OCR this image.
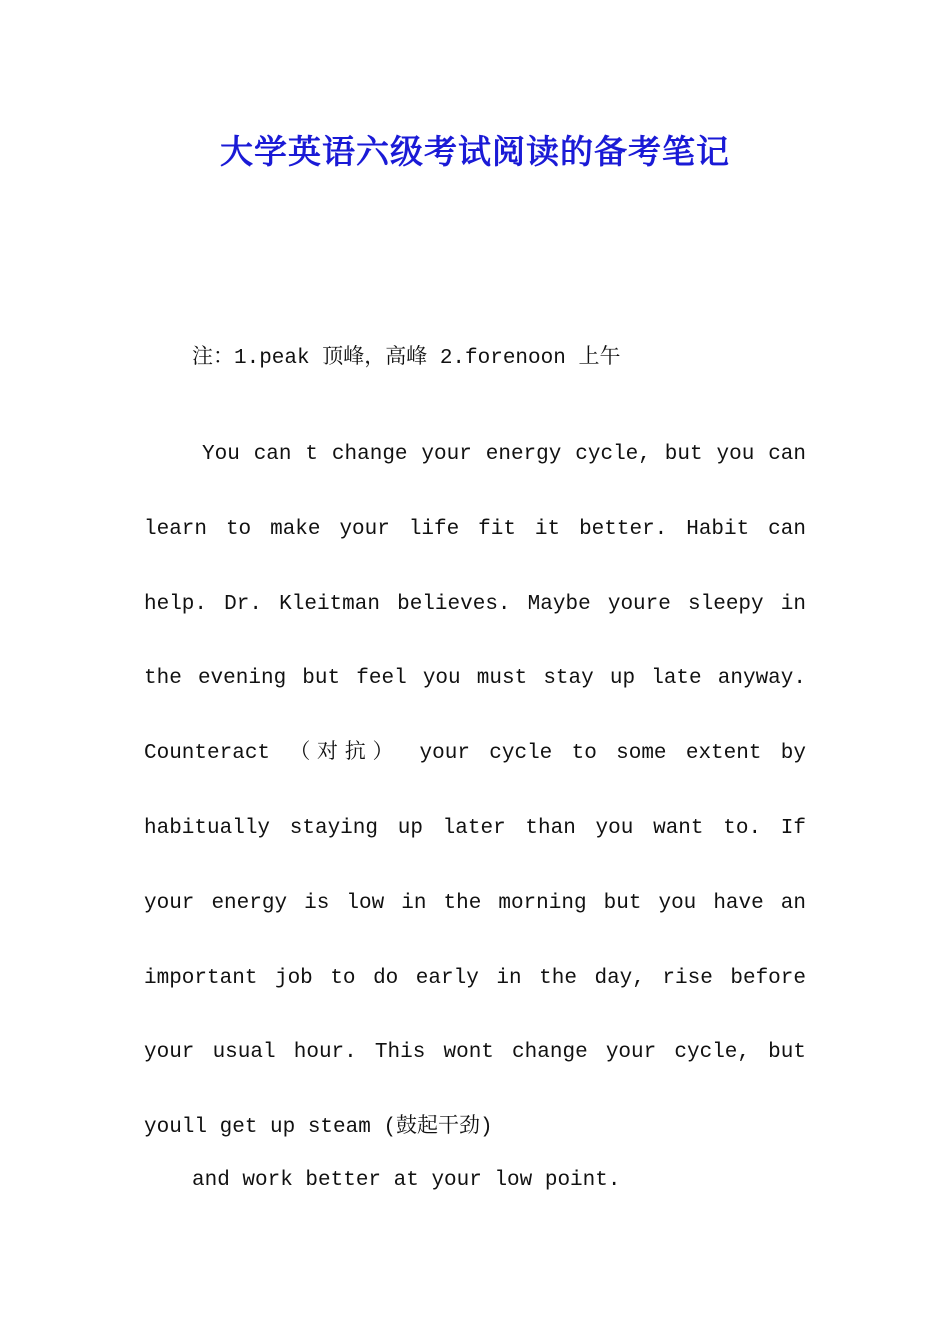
大学英语六级考试阅读的备考笔记

注：1.peak 顶峰，高峰 2.forenoon 上午

You can t change your energy cycle, but you can learn to make your life fit it better. Habit can help. Dr. Kleitman believes. Maybe youre sleepy in the evening but feel you must stay up late anyway. Counteract （对抗） your cycle to some extent by habitually staying up later than you want to. If your energy is low in the morning but you have an important job to do early in the day, rise before your usual hour. This wont change your cycle, but youll get up steam (鼓起干劲)

and work better at your low point.
